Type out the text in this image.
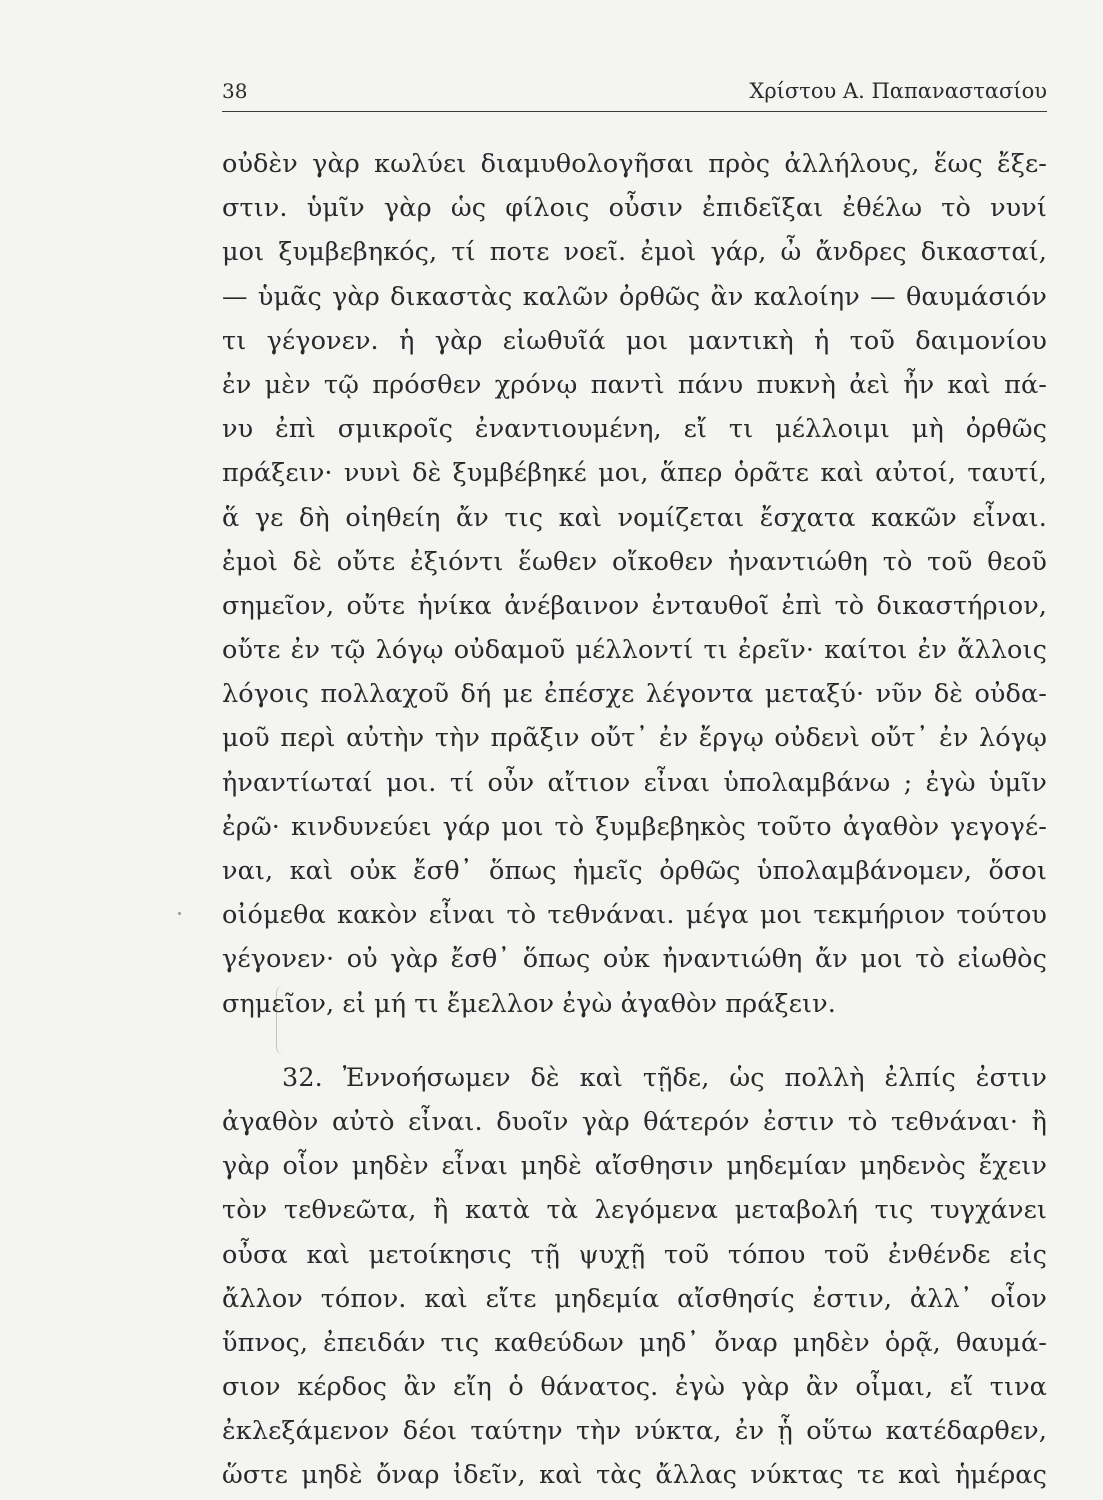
38	Χρίστου Α. Παπαναστασίου
οὐδὲν γὰρ κωλύει διαμυθολογῆσαι πρὸς ἀλλήλους, ἕως ἔξε-
στιν. ὑμῖν γὰρ ὡς φίλοις οὖσιν ἐπιδεῖξαι ἐθέλω τὸ νυνί
μοι ξυμβεβηκός, τί ποτε νοεῖ. ἐμοὶ γάρ, ὦ ἄνδρες δικασταί,
— ὑμᾶς γὰρ δικαστὰς καλῶν ὀρθῶς ἂν καλοίην — θαυμάσιόν
τι γέγονεν. ἡ γὰρ εἰωθυῖά μοι μαντικὴ ἡ τοῦ δαιμονίου
ἐν μὲν τῷ πρόσθεν χρόνῳ παντὶ πάνυ πυκνὴ ἀεὶ ἦν καὶ πά-
νυ ἐπὶ σμικροῖς ἐναντιουμένη, εἴ τι μέλλοιμι μὴ ὀρθῶς
πράξειν· νυνὶ δὲ ξυμβέβηκέ μοι, ἅπερ ὁρᾶτε καὶ αὐτοί, ταυτί,
ἅ γε δὴ οἰηθείη ἄν τις καὶ νομίζεται ἔσχατα κακῶν εἶναι.
ἐμοὶ δὲ οὔτε ἐξιόντι ἕωθεν οἴκοθεν ἠναντιώθη τὸ τοῦ θεοῦ
σημεῖον, οὔτε ἡνίκα ἀνέβαινον ἐνταυθοῖ ἐπὶ τὸ δικαστήριον,
οὔτε ἐν τῷ λόγῳ οὐδαμοῦ μέλλοντί τι ἐρεῖν· καίτοι ἐν ἄλλοις
λόγοις πολλαχοῦ δή με ἐπέσχε λέγοντα μεταξύ· νῦν δὲ οὐδα-
μοῦ περὶ αὐτὴν τὴν πρᾶξιν οὔτ᾽ ἐν ἔργῳ οὐδενὶ οὔτ᾽ ἐν λόγῳ
ἠναντίωταί μοι. τί οὖν αἴτιον εἶναι ὑπολαμβάνω ; ἐγὼ ὑμῖν
ἐρῶ· κινδυνεύει γάρ μοι τὸ ξυμβεβηκὸς τοῦτο ἀγαθὸν γεγογέ-
ναι, καὶ οὐκ ἔσθ᾽ ὅπως ἡμεῖς ὀρθῶς ὑπολαμβάνομεν, ὅσοι
οἰόμεθα κακὸν εἶναι τὸ τεθνάναι. μέγα μοι τεκμήριον τούτου
γέγονεν· οὐ γὰρ ἔσθ᾽ ὅπως οὐκ ἠναντιώθη ἄν μοι τὸ εἰωθὸς
σημεῖον, εἰ μή τι ἔμελλον ἐγὼ ἀγαθὸν πράξειν.
32. Ἐννοήσωμεν δὲ καὶ τῇδε, ὡς πολλὴ ἐλπίς ἐστιν
ἀγαθὸν αὐτὸ εἶναι. δυοῖν γὰρ θάτερόν ἐστιν τὸ τεθνάναι· ἢ
γὰρ οἷον μηδὲν εἶναι μηδὲ αἴσθησιν μηδεμίαν μηδενὸς ἔχειν
τὸν τεθνεῶτα, ἢ κατὰ τὰ λεγόμενα μεταβολή τις τυγχάνει
οὖσα καὶ μετοίκησις τῇ ψυχῇ τοῦ τόπου τοῦ ἐνθένδε εἰς
ἄλλον τόπον. καὶ εἴτε μηδεμία αἴσθησίς ἐστιν, ἀλλ᾽ οἷον
ὕπνος, ἐπειδάν τις καθεύδων μηδ᾽ ὄναρ μηδὲν ὁρᾷ, θαυμά-
σιον κέρδος ἂν εἴη ὁ θάνατος. ἐγὼ γὰρ ἂν οἶμαι, εἴ τινα
ἐκλεξάμενον δέοι ταύτην τὴν νύκτα, ἐν ᾗ οὕτω κατέδαρθεν,
ὥστε μηδὲ ὄναρ ἰδεῖν, καὶ τὰς ἄλλας νύκτας τε καὶ ἡμέρας
